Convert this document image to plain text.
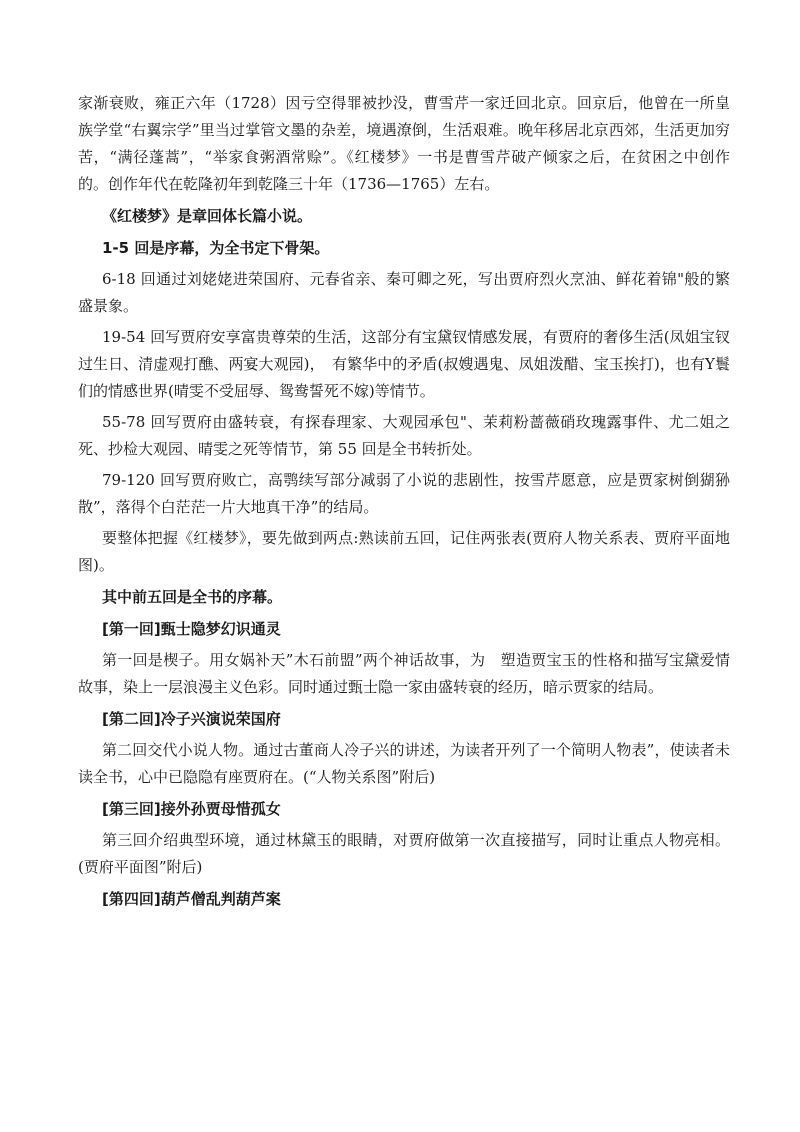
家渐衰败，雍正六年（1728）因亏空得罪被抄没，曹雪芹一家迁回北京。回京后，他曾在一所皇族学堂“右翼宗学”里当过掌管文墨的杂差，境遇潦倒，生活艰难。晚年移居北京西郊，生活更加穷苦，“满径蓬蒿”，“举家食粥酒常赊”。《红楼梦》一书是曹雪芹破产倾家之后，在贫困之中创作的。创作年代在乾隆初年到乾隆三十年（1736—1765）左右。

《红楼梦》是章回体长篇小说。

1-5 回是序幕，为全书定下骨架。

6-18 回通过刘姥姥进荣国府、元春省亲、秦可卿之死，写出贾府烈火烹油、鲜花着锦"般的繁盛景象。

19-54 回写贾府安享富贵尊荣的生活，这部分有宝黛钗情感发展，有贾府的奢侈生活(凤姐宝钗过生日、清虚观打醮、两宴大观园)，　有繁华中的矛盾(叔嫂遇鬼、凤姐泼醋、宝玉挨打)，也有Y鬟们的情感世界(晴雯不受屈辱、鸳鸯誓死不嫁)等情节。

55-78 回写贾府由盛转衰，有探春理家、大观园承包"、茉莉粉蔷薇硝玫瑰露事件、尤二姐之死、抄检大观园、晴雯之死等情节，第 55 回是全书转折处。

79-120 回写贾府败亡，高鹗续写部分减弱了小说的悲剧性，按雪芹愿意，应是贾家树倒猢狲散”，落得个白茫茫一片大地真干净”的结局。

要整体把握《红楼梦》，要先做到两点:熟读前五回，记住两张表(贾府人物关系表、贾府平面地图)。

其中前五回是全书的序幕。

[第一回]甄士隐梦幻识通灵

第一回是楔子。用女娲补天”木石前盟”两个神话故事，为　塑造贾宝玉的性格和描写宝黛爱情故事，染上一层浪漫主义色彩。同时通过甄士隐一家由盛转衰的经历，暗示贾家的结局。

[第二回]冷子兴演说荣国府

第二回交代小说人物。通过古董商人冷子兴的讲述，为读者开列了一个简明人物表”，使读者未读全书，心中已隐隐有座贾府在。(“人物关系图”附后)

[第三回]接外孙贾母惜孤女

第三回介绍典型环境，通过林黛玉的眼睛，对贾府做第一次直接描写，同时让重点人物亮相。(贾府平面图”附后)

[第四回]葫芦僧乱判葫芦案
